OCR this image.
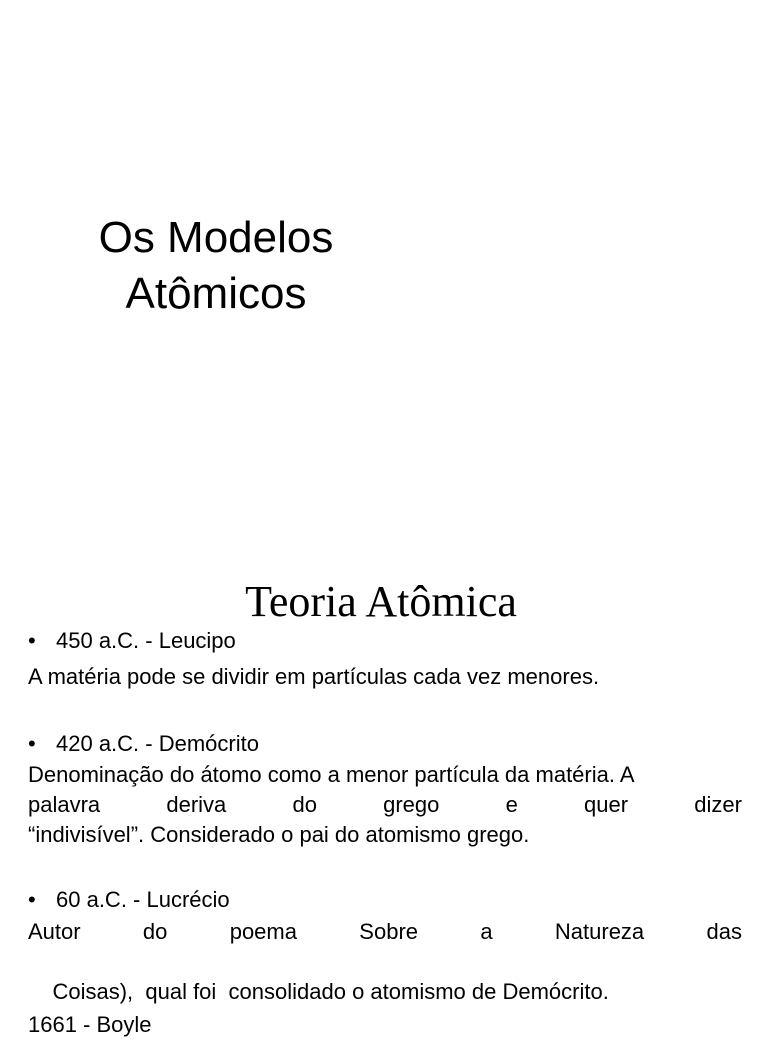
Os Modelos
Atômicos
Teoria Atômica
• 450 a.C. - Leucipo
A matéria pode se dividir em partículas cada vez menores.
• 420 a.C. - Demócrito
Denominação do átomo como a menor partícula da matéria. A
palavra	deriva	do	grego	e	quer	dizer
“indivisível”. Considerado o pai do atomismo grego.
• 60 a.C. - Lucrécio
Autor	do	poema	Sobre	a	Natureza	das

Coisas),  qual foi  consolidado o atomismo de Demócrito.

1661 - Boyle
